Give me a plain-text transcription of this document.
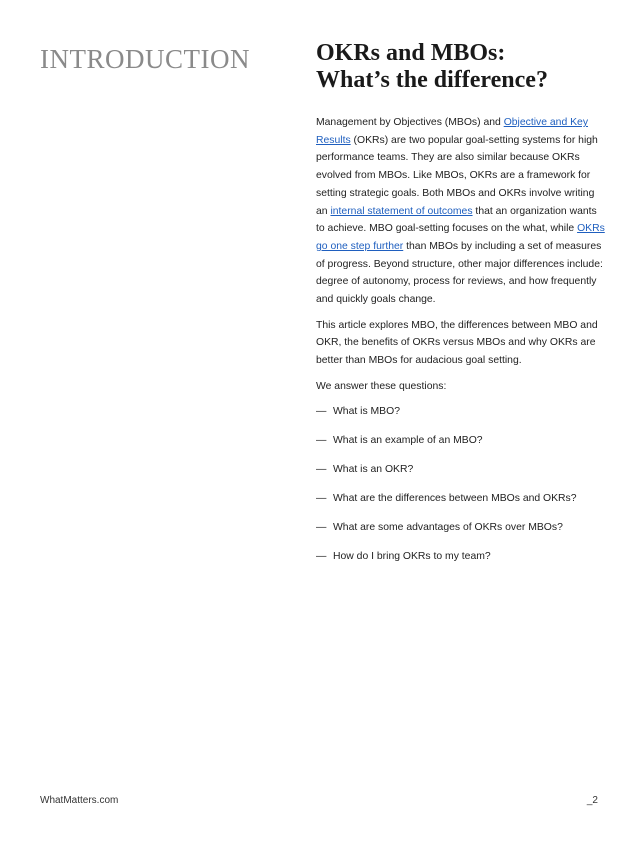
INTRODUCTION	OKRs and MBOs:
What’s the difference?

Management by Objectives (MBOs) and Objective and Key Results (OKRs) are two popular goal-setting systems for high performance teams. They are also similar because OKRs evolved from MBOs. Like MBOs, OKRs are a framework for setting strategic goals. Both MBOs and OKRs involve writing an internal statement of outcomes that an organization wants to achieve. MBO goal-setting focuses on the what, while OKRs go one step further than MBOs by including a set of measures of progress. Beyond structure, other major differences include: degree of autonomy, process for reviews, and how frequently and quickly goals change.

This article explores MBO, the differences between MBO and OKR, the benefits of OKRs versus MBOs and why OKRs are better than MBOs for audacious goal setting.

We answer these questions:

— What is MBO?
— What is an example of an MBO?
— What is an OKR?
— What are the differences between MBOs and OKRs?
— What are some advantages of OKRs over MBOs?
— How do I bring OKRs to my team?
WhatMatters.com	_2
